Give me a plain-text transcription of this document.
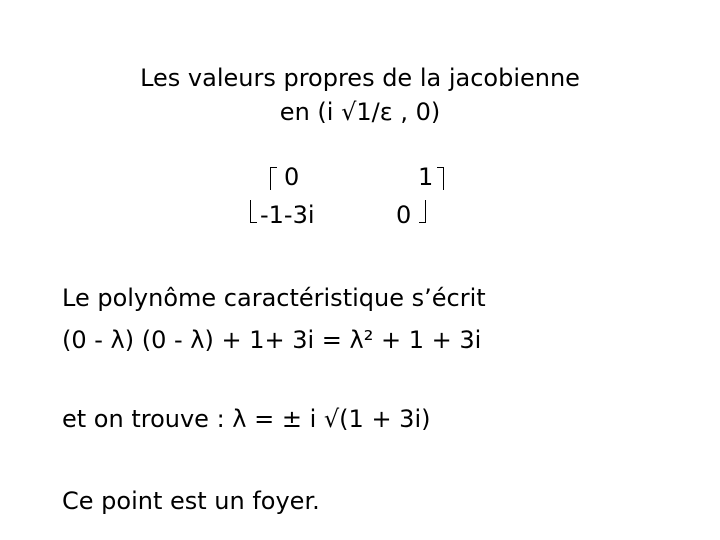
Les valeurs propres de la jacobienne
en (i √1/ε , 0)
0	1
-1-3i	0
Le polynôme caractéristique s’écrit
(0 - λ) (0 - λ) + 1+ 3i = λ² + 1 + 3i
et on trouve : λ = ± i √(1 + 3i)
Ce point est un foyer.
